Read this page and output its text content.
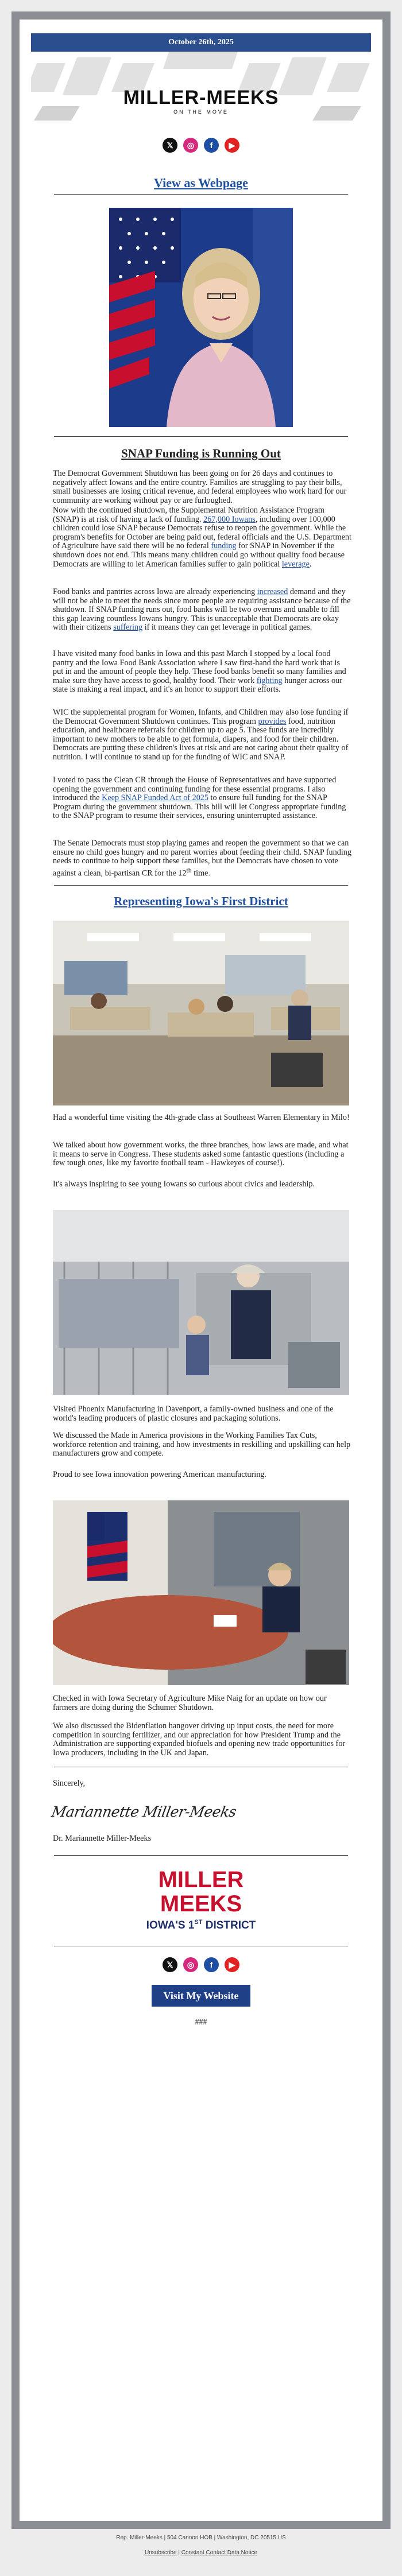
October 26th, 2025
MILLER-MEEKS
ON THE MOVE
𝕏 ◎ f ▶
View as Webpage
SNAP Funding is Running Out

The Democrat Government Shutdown has been going on for 26 days and continues to negatively affect Iowans and the entire country. Families are struggling to pay their bills, small businesses are losing critical revenue, and federal employees who work hard for our community are working without pay or are furloughed.

Now with the continued shutdown, the Supplemental Nutrition Assistance Program (SNAP) is at risk of having a lack of funding. 267,000 Iowans, including over 100,000 children could lose SNAP because Democrats refuse to reopen the government. While the program's benefits for October are being paid out, federal officials and the U.S. Department of Agriculture have said there will be no federal funding for SNAP in November if the shutdown does not end. This means many children could go without quality food because Democrats are willing to let American families suffer to gain political leverage.

Food banks and pantries across Iowa are already experiencing increased demand and they will not be able to meet the needs since more people are requiring assistance because of the shutdown. If SNAP funding runs out, food banks will be two overruns and unable to fill this gap leaving countless Iowans hungry. This is unacceptable that Democrats are okay with their citizens suffering if it means they can get leverage in political games.

I have visited many food banks in Iowa and this past March I stopped by a local food pantry and the Iowa Food Bank Association where I saw first-hand the hard work that is put in and the amount of people they help. These food banks benefit so many families and make sure they have access to good, healthy food. Their work fighting hunger across our state is making a real impact, and it's an honor to support their efforts.

WIC the supplemental program for Women, Infants, and Children may also lose funding if the Democrat Government Shutdown continues. This program provides food, nutrition education, and healthcare referrals for children up to age 5. These funds are incredibly important to new mothers to be able to get formula, diapers, and food for their children. Democrats are putting these children's lives at risk and are not caring about their quality of nutrition. I will continue to stand up for the funding of WIC and SNAP.

I voted to pass the Clean CR through the House of Representatives and have supported opening the government and continuing funding for these essential programs. I also introduced the Keep SNAP Funded Act of 2025 to ensure full funding for the SNAP Program during the government shutdown. This bill will let Congress appropriate funding to the SNAP program to resume their services, ensuring uninterrupted assistance.

The Senate Democrats must stop playing games and reopen the government so that we can ensure no child goes hungry and no parent worries about feeding their child. SNAP funding needs to continue to help support these families, but the Democrats have chosen to vote against a clean, bi-partisan CR for the 12th time.

Representing Iowa's First District

Had a wonderful time visiting the 4th-grade class at Southeast Warren Elementary in Milo!

We talked about how government works, the three branches, how laws are made, and what it means to serve in Congress. These students asked some fantastic questions (including a few tough ones, like my favorite football team - Hawkeyes of course!).

It's always inspiring to see young Iowans so curious about civics and leadership.

Visited Phoenix Manufacturing in Davenport, a family-owned business and one of the world's leading producers of plastic closures and packaging solutions.

We discussed the Made in America provisions in the Working Families Tax Cuts, workforce retention and training, and how investments in reskilling and upskilling can help manufacturers grow and compete.

Proud to see Iowa innovation powering American manufacturing.

Checked in with Iowa Secretary of Agriculture Mike Naig for an update on how our farmers are doing during the Schumer Shutdown.

We also discussed the Bidenflation hangover driving up input costs, the need for more competition in sourcing fertilizer, and our appreciation for how President Trump and the Administration are supporting expanded biofuels and opening new trade opportunities for Iowa producers, including in the UK and Japan.

Sincerely,

Mariannette Miller-Meeks

Dr. Mariannette Miller-Meeks

MILLER
MEEKS
IOWA'S 1ST DISTRICT
𝕏 ◎ f ▶
Visit My Website
###
Rep. Miller-Meeks | 504 Cannon HOB | Washington, DC 20515 US
Unsubscribe | Constant Contact Data Notice
